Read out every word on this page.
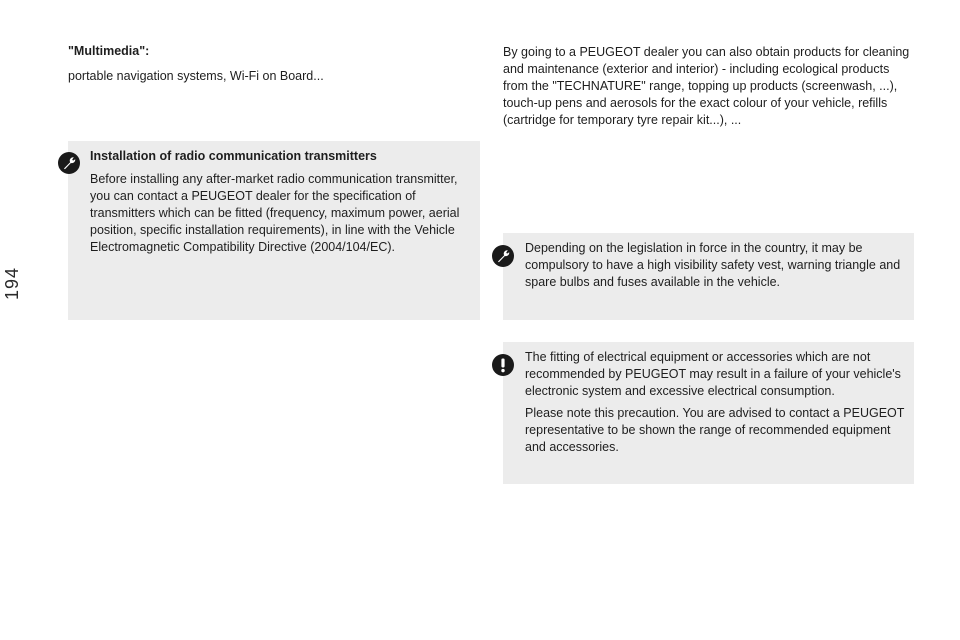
194
"Multimedia":

portable navigation systems, Wi-Fi on Board...

By going to a PEUGEOT dealer you can also obtain products for cleaning and maintenance (exterior and interior) - including ecological products from the "TECHNATURE" range, topping up products (screenwash, ...), touch-up pens and aerosols for the exact colour of your vehicle, refills (cartridge for temporary tyre repair kit...), ...

Installation of radio communication transmitters

Before installing any after-market radio communication transmitter, you can contact a PEUGEOT dealer for the specification of transmitters which can be fitted (frequency, maximum power, aerial position, specific installation requirements), in line with the Vehicle Electromagnetic Compatibility Directive (2004/104/EC).	Depending on the legislation in force in the country, it may be compulsory to have a high visibility safety vest, warning triangle and spare bulbs and fuses available in the vehicle.

The fitting of electrical equipment or accessories which are not recommended by PEUGEOT may result in a failure of your vehicle's electronic system and excessive electrical consumption.

Please note this precaution. You are advised to contact a PEUGEOT representative to be shown the range of recommended equipment and accessories.
